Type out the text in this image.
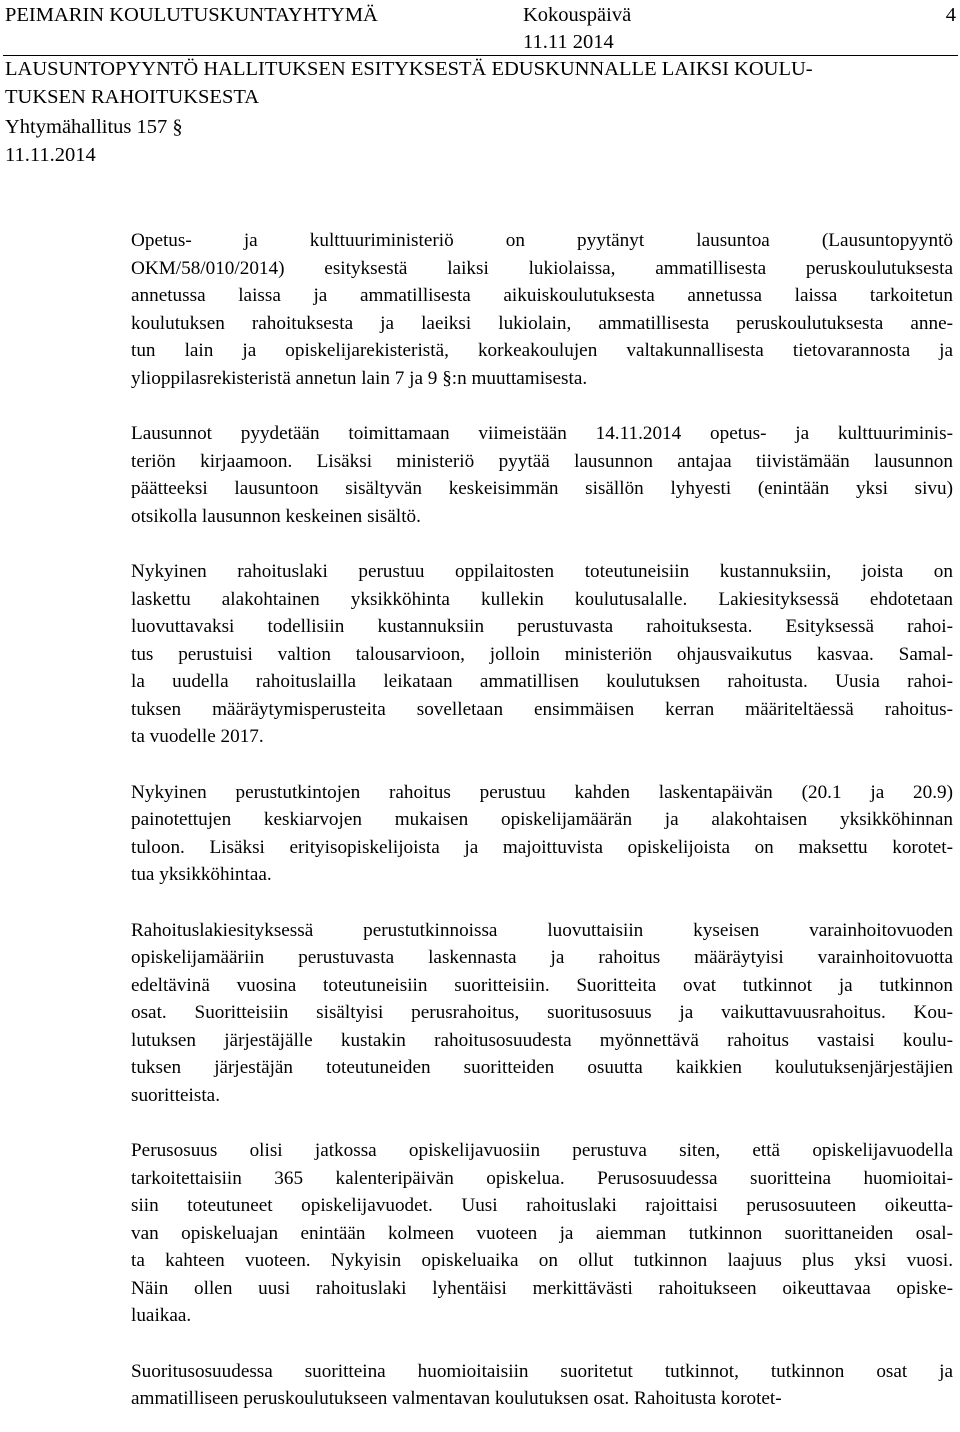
PEIMARIN KOULUTUSKUNTAYHTYMÄ	Kokouspäivä	4
11.11 2014
LAUSUNTOPYYNTÖ HALLITUKSEN ESITYKSESTÄ EDUSKUNNALLE LAIKSI KOULU-
TUKSEN RAHOITUKSESTA
Yhtymähallitus 157 §
11.11.2014
Opetus- ja kulttuuriministeriö on pyytänyt lausuntoa (Lausuntopyyntö
OKM/58/010/2014) esityksestä laiksi lukiolaissa, ammatillisesta peruskoulutuksesta
annetussa laissa ja ammatillisesta aikuiskoulutuksesta annetussa laissa tarkoitetun
koulutuksen rahoituksesta ja laeiksi lukiolain, ammatillisesta peruskoulutuksesta anne-
tun lain ja opiskelijarekisteristä, korkeakoulujen valtakunnallisesta tietovarannosta ja
ylioppilasrekisteristä annetun lain 7 ja 9 §:n muuttamisesta.
Lausunnot pyydetään toimittamaan viimeistään 14.11.2014 opetus- ja kulttuuriminis-
teriön kirjaamoon. Lisäksi ministeriö pyytää lausunnon antajaa tiivistämään lausunnon
päätteeksi lausuntoon sisältyvän keskeisimmän sisällön lyhyesti (enintään yksi sivu)
otsikolla lausunnon keskeinen sisältö.
Nykyinen rahoituslaki perustuu oppilaitosten toteutuneisiin kustannuksiin, joista on
laskettu alakohtainen yksikköhinta kullekin koulutusalalle. Lakiesityksessä ehdotetaan
luovuttavaksi todellisiin kustannuksiin perustuvasta rahoituksesta. Esityksessä rahoi-
tus perustuisi valtion talousarvioon, jolloin ministeriön ohjausvaikutus kasvaa. Samal-
la uudella rahoituslailla leikataan ammatillisen koulutuksen rahoitusta. Uusia rahoi-
tuksen määräytymisperusteita sovelletaan ensimmäisen kerran määriteltäessä rahoitus-
ta vuodelle 2017.
Nykyinen perustutkintojen rahoitus perustuu kahden laskentapäivän (20.1 ja 20.9)
painotettujen keskiarvojen mukaisen opiskelijamäärän ja alakohtaisen yksikköhinnan
tuloon. Lisäksi erityisopiskelijoista ja majoittuvista opiskelijoista on maksettu korotet-
tua yksikköhintaa.
Rahoituslakiesityksessä perustutkinnoissa luovuttaisiin kyseisen varainhoitovuoden
opiskelijamääriin perustuvasta laskennasta ja rahoitus määräytyisi varainhoitovuotta
edeltävinä vuosina toteutuneisiin suoritteisiin. Suoritteita ovat tutkinnot ja tutkinnon
osat. Suoritteisiin sisältyisi perusrahoitus, suoritusosuus ja vaikuttavuusrahoitus. Kou-
lutuksen järjestäjälle kustakin rahoitusosuudesta myönnettävä rahoitus vastaisi koulu-
tuksen järjestäjän toteutuneiden suoritteiden osuutta kaikkien koulutuksenjärjestäjien
suoritteista.
Perusosuus olisi jatkossa opiskelijavuosiin perustuva siten, että opiskelijavuodella
tarkoitettaisiin 365 kalenteripäivän opiskelua. Perusosuudessa suoritteina huomioitai-
siin toteutuneet opiskelijavuodet. Uusi rahoituslaki rajoittaisi perusosuuteen oikeutta-
van opiskeluajan enintään kolmeen vuoteen ja aiemman tutkinnon suorittaneiden osal-
ta kahteen vuoteen. Nykyisin opiskeluaika on ollut tutkinnon laajuus plus yksi vuosi.
Näin ollen uusi rahoituslaki lyhentäisi merkittävästi rahoitukseen oikeuttavaa opiske-
luaikaa.
Suoritusosuudessa suoritteina huomioitaisiin suoritetut tutkinnot, tutkinnon osat ja
ammatilliseen peruskoulutukseen valmentavan koulutuksen osat. Rahoitusta korotet-
